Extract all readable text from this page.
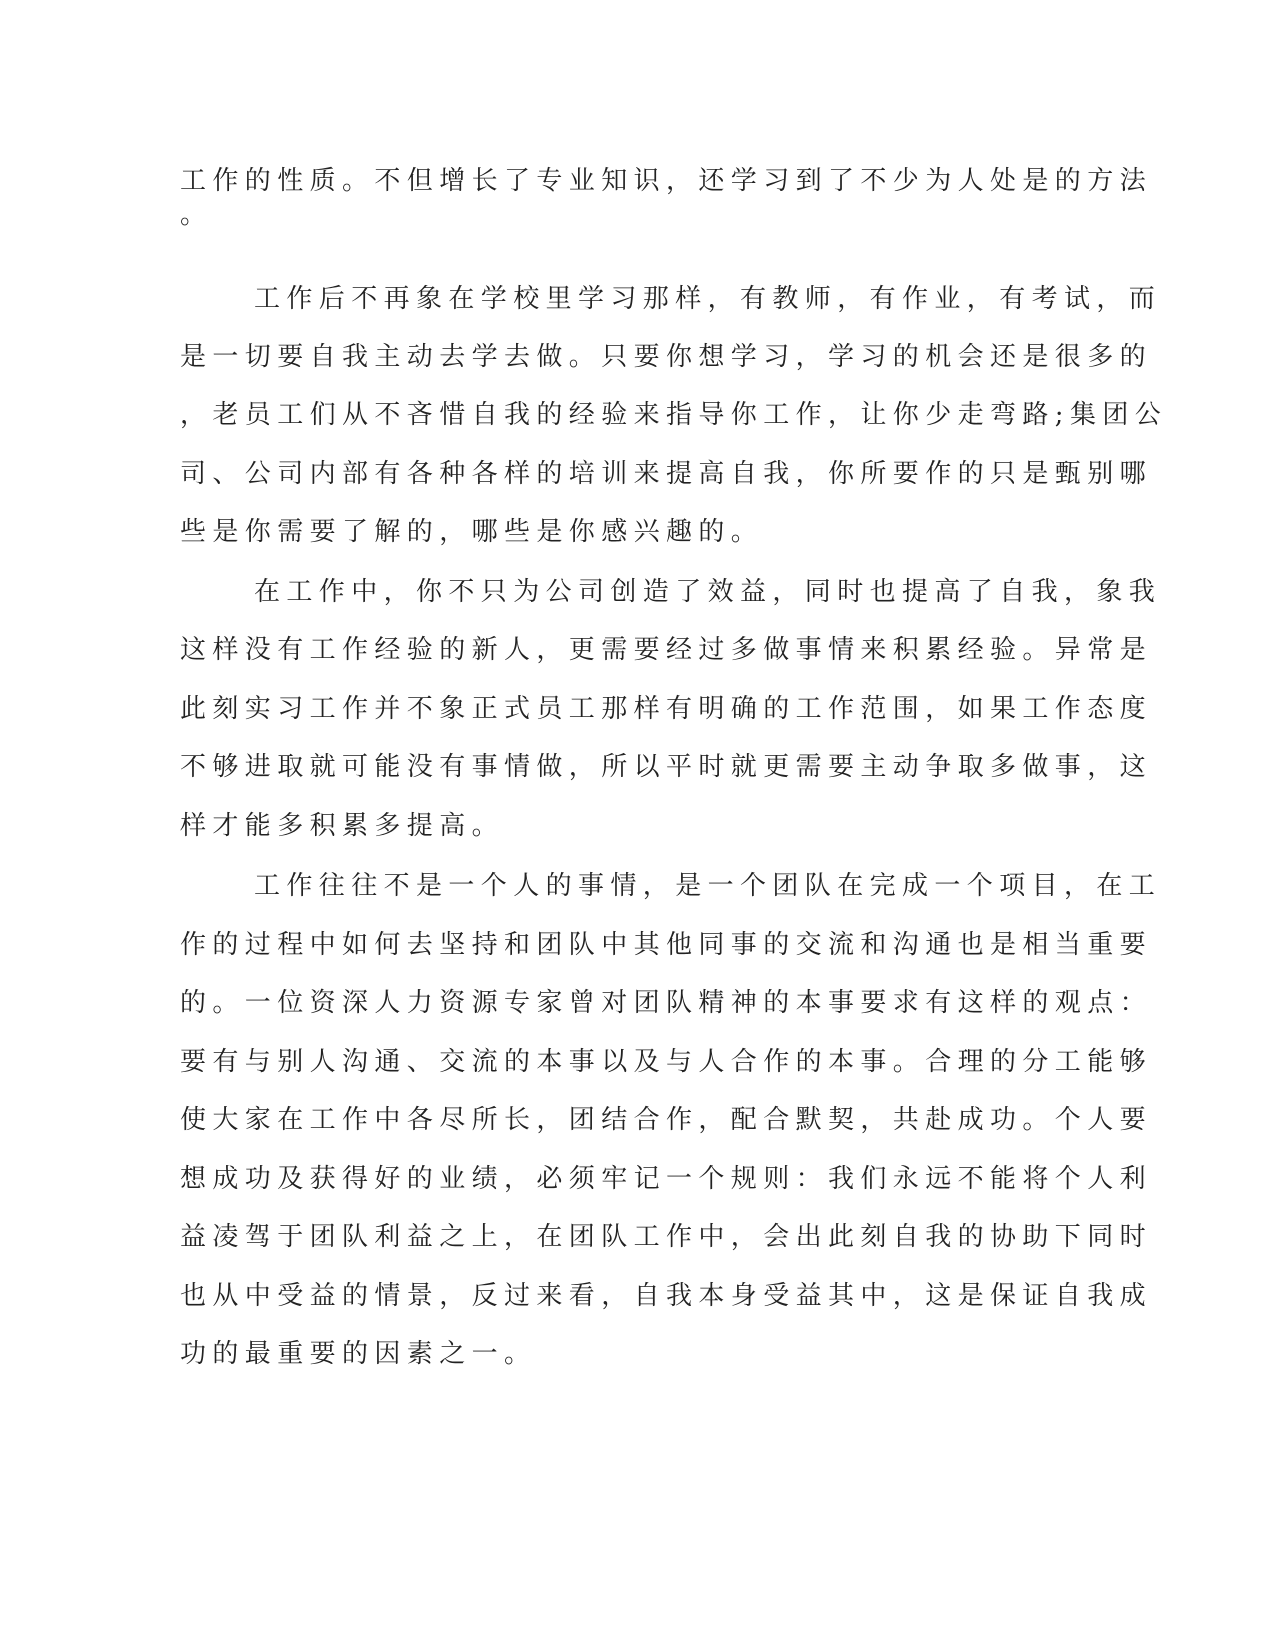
工作的性质。不但增长了专业知识，还学习到了不少为人处是的方法
。
工作后不再象在学校里学习那样，有教师，有作业，有考试，而
是一切要自我主动去学去做。只要你想学习，学习的机会还是很多的
，老员工们从不吝惜自我的经验来指导你工作，让你少走弯路;集团公
司、公司内部有各种各样的培训来提高自我，你所要作的只是甄别哪
些是你需要了解的，哪些是你感兴趣的。
在工作中，你不只为公司创造了效益，同时也提高了自我，象我
这样没有工作经验的新人，更需要经过多做事情来积累经验。异常是
此刻实习工作并不象正式员工那样有明确的工作范围，如果工作态度
不够进取就可能没有事情做，所以平时就更需要主动争取多做事，这
样才能多积累多提高。
工作往往不是一个人的事情，是一个团队在完成一个项目，在工
作的过程中如何去坚持和团队中其他同事的交流和沟通也是相当重要
的。一位资深人力资源专家曾对团队精神的本事要求有这样的观点：
要有与别人沟通、交流的本事以及与人合作的本事。合理的分工能够
使大家在工作中各尽所长，团结合作，配合默契，共赴成功。个人要
想成功及获得好的业绩，必须牢记一个规则：我们永远不能将个人利
益凌驾于团队利益之上，在团队工作中，会出此刻自我的协助下同时
也从中受益的情景，反过来看，自我本身受益其中，这是保证自我成
功的最重要的因素之一。
